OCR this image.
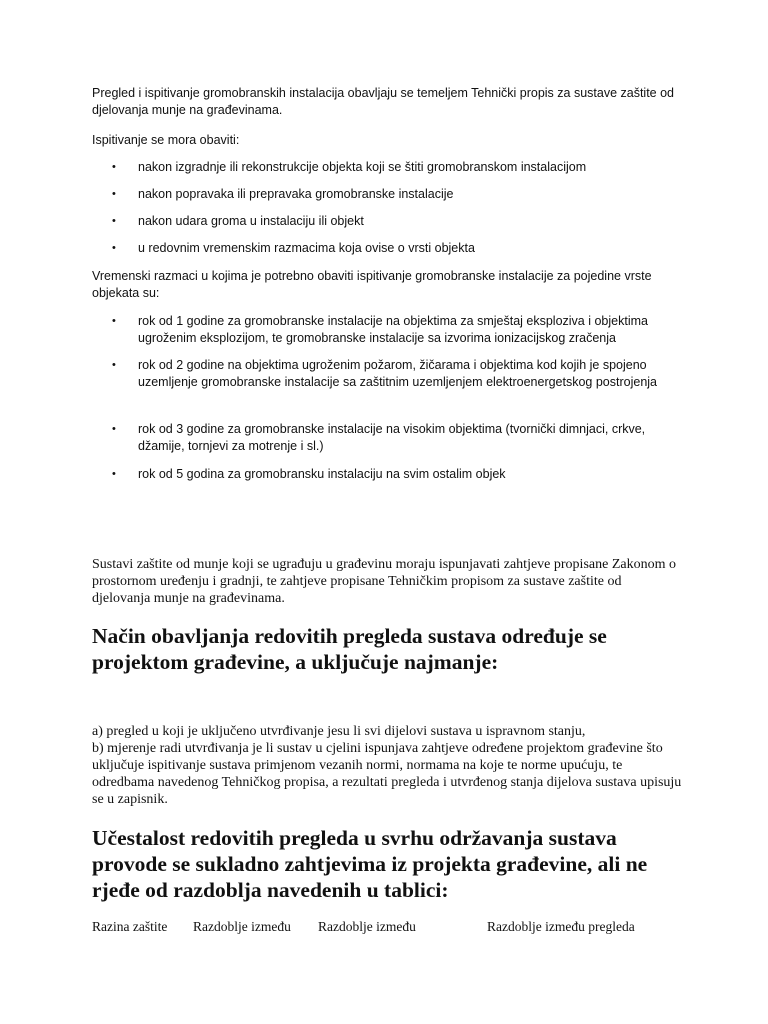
Pregled i ispitivanje gromobranskih instalacija obavljaju se temeljem Tehnički propis za sustave zaštite od djelovanja munje na građevinama.

Ispitivanje se mora obaviti:

• nakon izgradnje ili rekonstrukcije objekta koji se štiti gromobranskom instalacijom
• nakon popravaka ili prepravaka gromobranske instalacije
• nakon udara groma u instalaciju ili objekt
• u redovnim vremenskim razmacima koja ovise o vrsti objekta

Vremenski razmaci u kojima je potrebno obaviti ispitivanje gromobranske instalacije za pojedine vrste objekata su:

• rok od 1 godine za gromobranske instalacije na objektima za smještaj eksploziva i objektima ugroženim eksplozijom, te gromobranske instalacije sa izvorima ionizacijskog zračenja
• rok od 2 godine na objektima ugroženim požarom, žičarama i objektima kod kojih je spojeno uzemljenje gromobranske instalacije sa zaštitnim uzemljenjem elektroenergetskog postrojenja
• rok od 3 godine za gromobranske instalacije na visokim objektima (tvornički dimnjaci, crkve, džamije, tornjevi za motrenje i sl.)
• rok od 5 godina za gromobransku instalaciju na svim ostalim objek

Sustavi zaštite od munje koji se ugrađuju u građevinu moraju ispunjavati zahtjeve propisane Zakonom o prostornom uređenju i gradnji, te zahtjeve propisane Tehničkim propisom za sustave zaštite od djelovanja munje na građevinama.

Način obavljanja redovitih pregleda sustava određuje se projektom građevine, a uključuje najmanje:

a) pregled u koji je uključeno utvrđivanje jesu li svi dijelovi sustava u ispravnom stanju,

b) mjerenje radi utvrđivanja je li sustav u cjelini ispunjava zahtjeve određene projektom građevine što uključuje ispitivanje sustava primjenom vezanih normi, normama na koje te norme upućuju, te odredbama navedenog Tehničkog propisa, a rezultati pregleda i utvrđenog stanja dijelova sustava upisuju se u zapisnik.

Učestalost redovitih pregleda u svrhu održavanja sustava provode se sukladno zahtjevima iz projekta građevine, ali ne rjeđe od razdoblja navedenih u tablici:
Razina zaštite Razdoblje između Razdoblje između	Razdoblje između pregleda
